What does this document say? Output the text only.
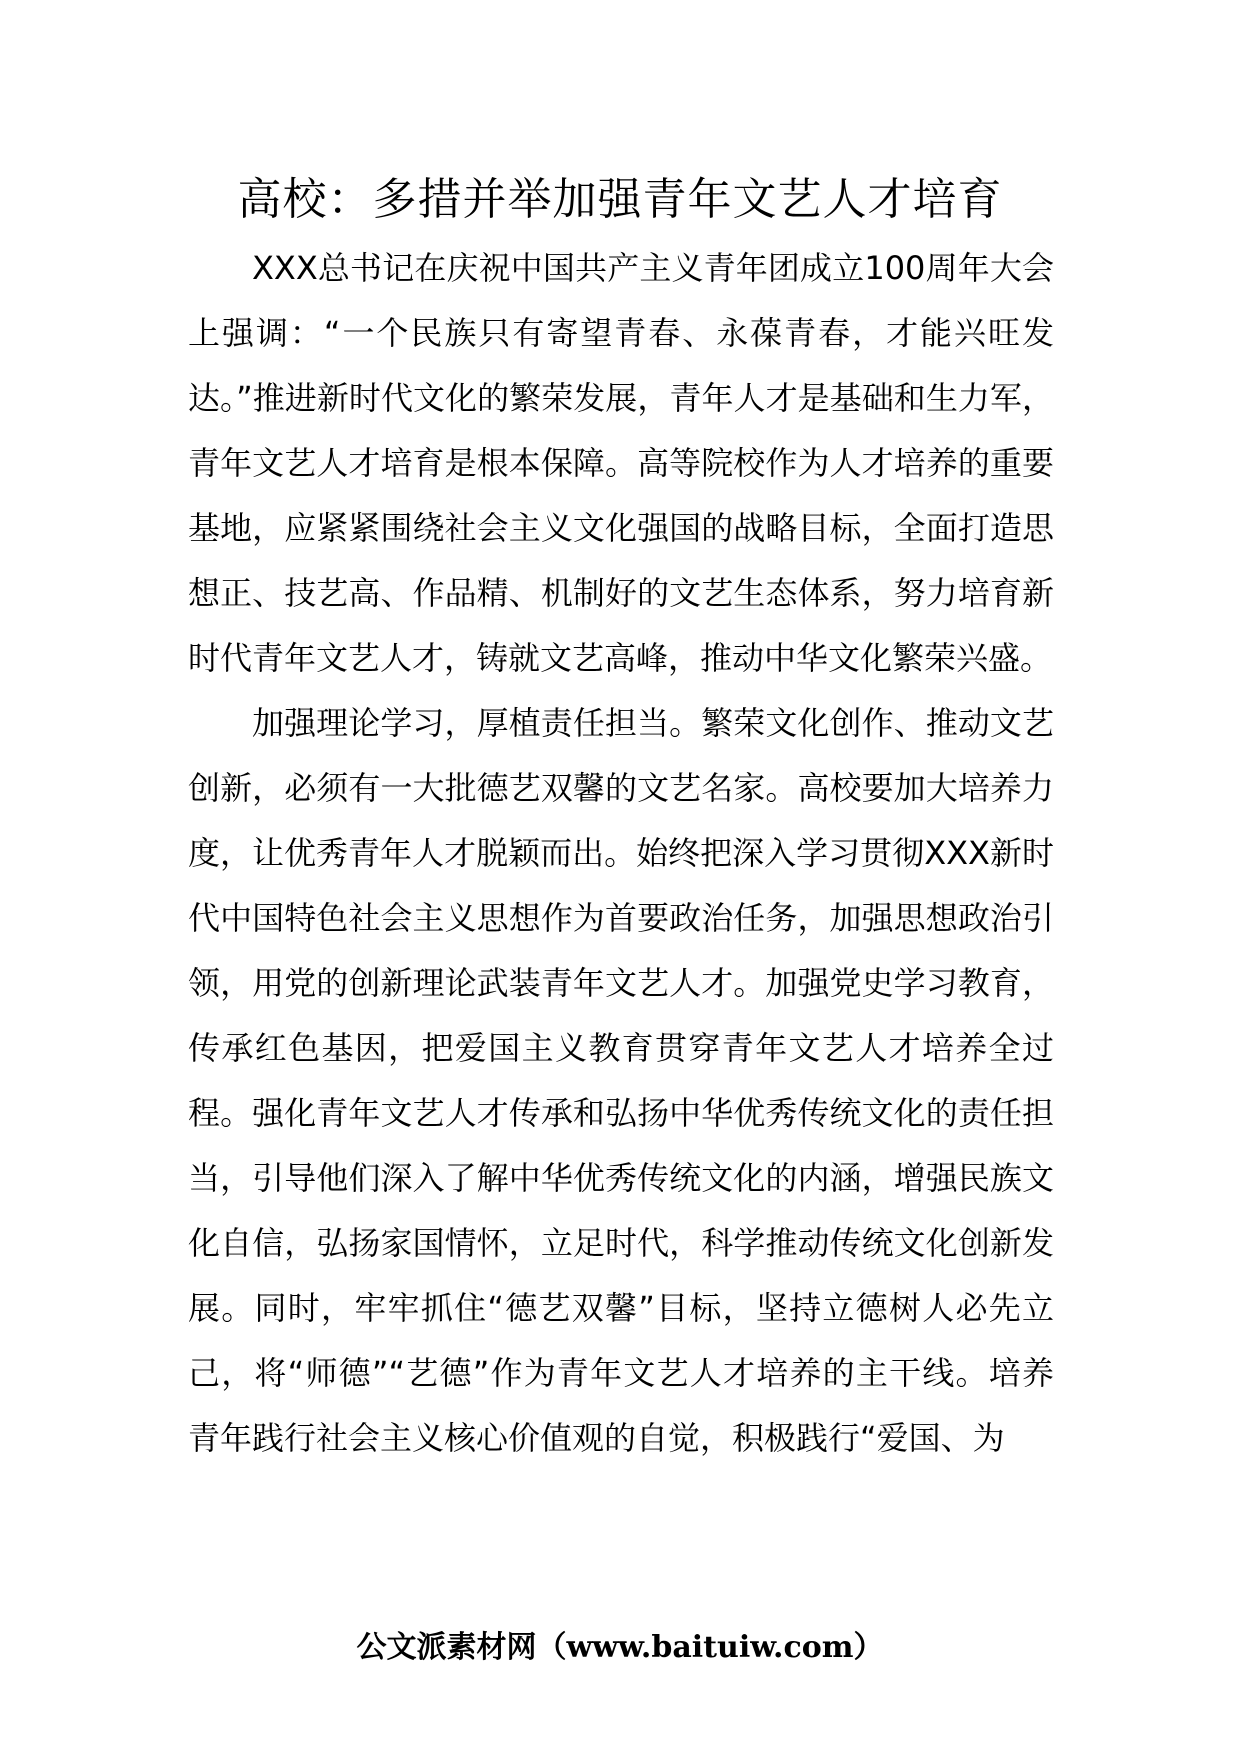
高校：多措并举加强青年文艺人才培育

XXX总书记在庆祝中国共产主义青年团成立100周年大会上强调：“一个民族只有寄望青春、永葆青春，才能兴旺发达。”推进新时代文化的繁荣发展，青年人才是基础和生力军，青年文艺人才培育是根本保障。高等院校作为人才培养的重要基地，应紧紧围绕社会主义文化强国的战略目标，全面打造思想正、技艺高、作品精、机制好的文艺生态体系，努力培育新时代青年文艺人才，铸就文艺高峰，推动中华文化繁荣兴盛。

加强理论学习，厚植责任担当。繁荣文化创作、推动文艺创新，必须有一大批德艺双馨的文艺名家。高校要加大培养力度，让优秀青年人才脱颖而出。始终把深入学习贯彻XXX新时代中国特色社会主义思想作为首要政治任务，加强思想政治引领，用党的创新理论武装青年文艺人才。加强党史学习教育，传承红色基因，把爱国主义教育贯穿青年文艺人才培养全过程。强化青年文艺人才传承和弘扬中华优秀传统文化的责任担当，引导他们深入了解中华优秀传统文化的内涵，增强民族文化自信，弘扬家国情怀，立足时代，科学推动传统文化创新发展。同时，牢牢抓住“德艺双馨”目标，坚持立德树人必先立己，将“师德”“艺德”作为青年文艺人才培养的主干线。培养青年践行社会主义核心价值观的自觉，积极践行“爱国、为

公文派素材网（www.baituiw.com）
